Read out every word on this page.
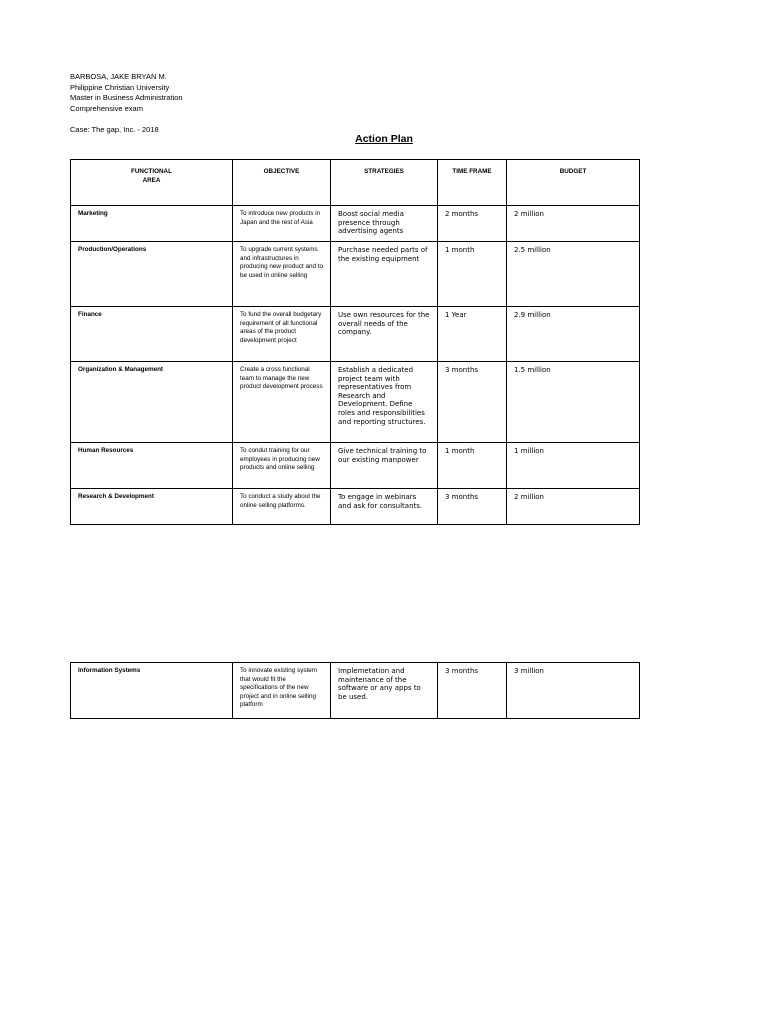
BARBOSA, JAKE BRYAN M.
Philippine Christian University
Master in Business Administration
Comprehensive exam
Case: The gap, Inc. - 2018
Action Plan
FUNCTIONAL
AREA	OBJECTIVE	STRATEGIES	TIME FRAME	BUDGET
Marketing	To introduce new products in Japan and the rest of Asia	Boost social media presence through advertising agents	2 months	2 million
Production/Operations	To upgrade current systems and infrastructures in producing new product and to be used in online selling	Purchase needed parts of the existing equipment	1 month	2.5 million
Finance	To fund the overall budgetary requirement of all functional areas of the product development project	Use own resources for the overall needs of the company.	1 Year	2.9 million
Organization & Management	Create a cross functional team to manage the new product development process	Establish a dedicated project team with representatives from Research and Development. Define roles and responsibilities and reporting structures.	3 months	1.5 million
Human Resources	To condut training for our employees in producing new products and online selling	Give technical training to our existing manpower	1 month	1 million
Research & Development	To conduct a study about the online selling platforms.	To engage in webinars and ask for consultants.	3 months	2 million
Information Systems	To innovate existing system that would fit the specifications of the new project and in online selling platform	Implemetation and maintenance of the software or any apps to be used.	3 months	3 million
